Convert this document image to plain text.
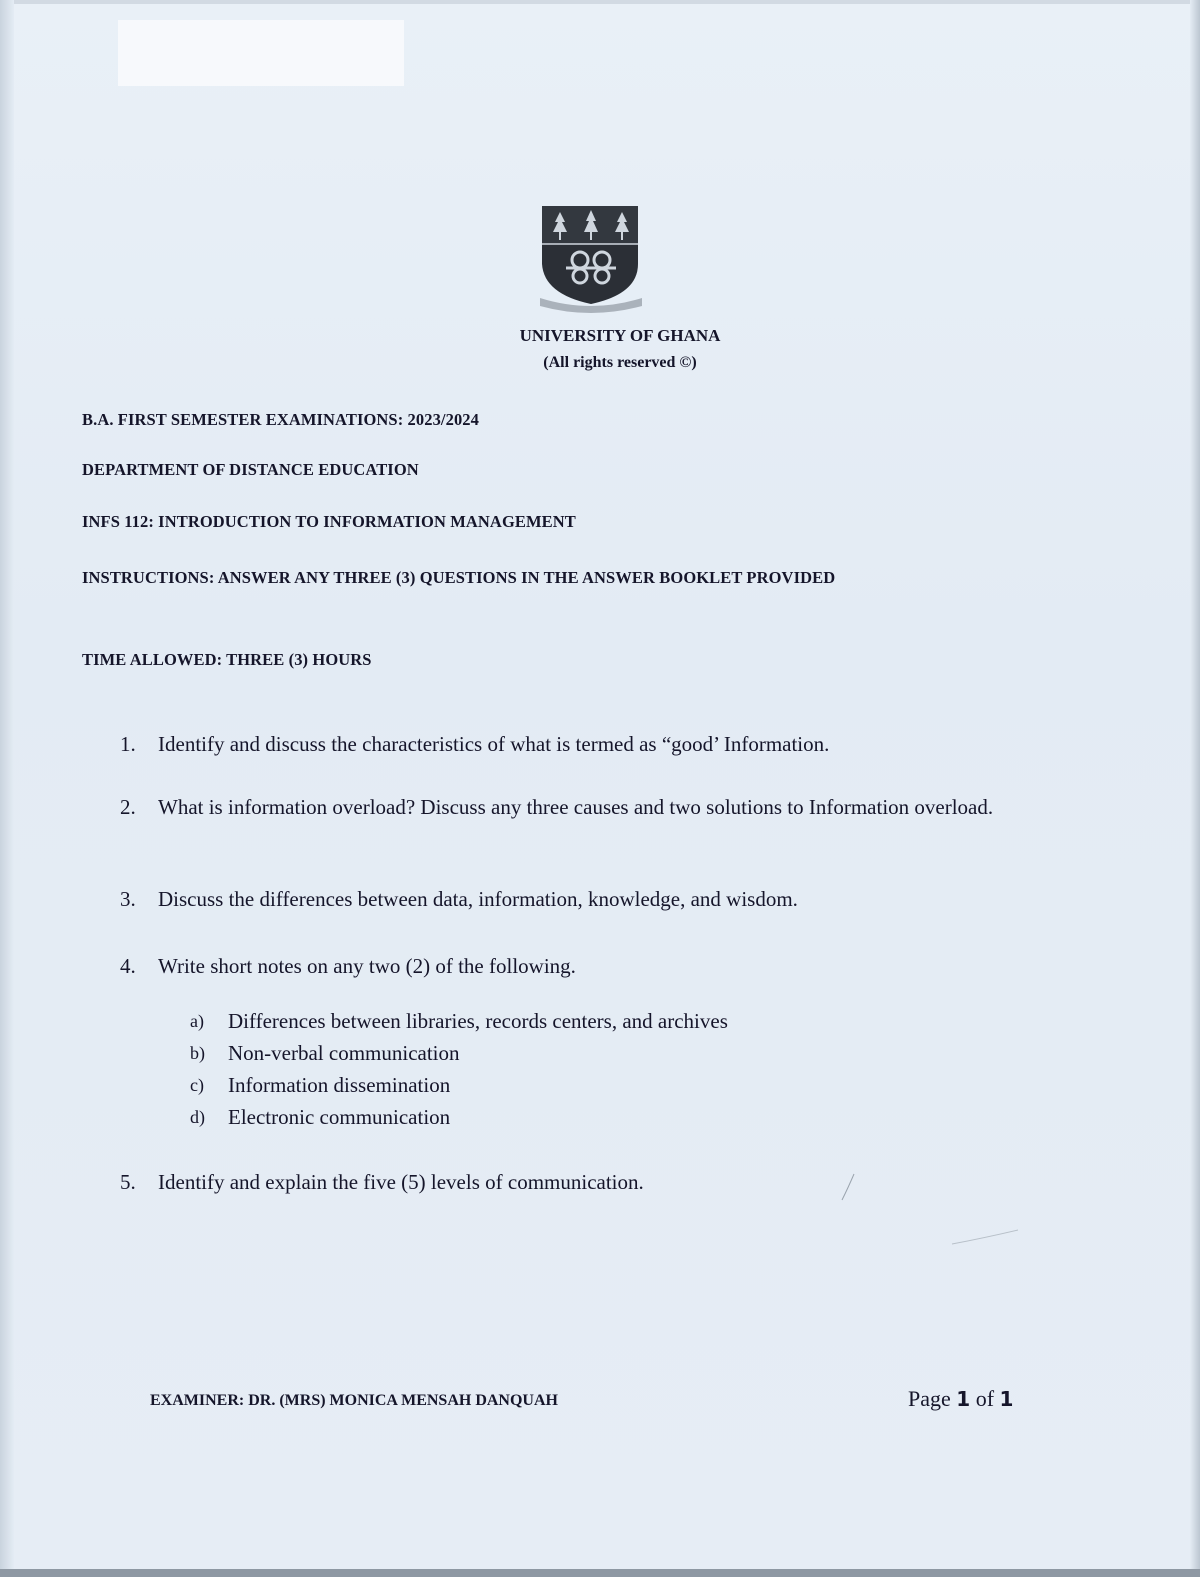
UNIVERSITY OF GHANA
(All rights reserved ©)
B.A. FIRST SEMESTER EXAMINATIONS: 2023/2024
DEPARTMENT OF DISTANCE EDUCATION
INFS 112: INTRODUCTION TO INFORMATION MANAGEMENT
INSTRUCTIONS: ANSWER ANY THREE (3) QUESTIONS IN THE ANSWER BOOKLET PROVIDED
TIME ALLOWED: THREE (3) HOURS
1.	Identify and discuss the characteristics of what is termed as “good’ Information.
2.	What is information overload? Discuss any three causes and two solutions to Information overload.
3.	Discuss the differences between data, information, knowledge, and wisdom.
4.	Write short notes on any two (2) of the following.
a)	Differences between libraries, records centers, and archives
b)	Non-verbal communication
c)	Information dissemination
d)	Electronic communication
5.	Identify and explain the five (5) levels of communication.
EXAMINER: DR. (MRS) MONICA MENSAH DANQUAH	Page 1 of 1
